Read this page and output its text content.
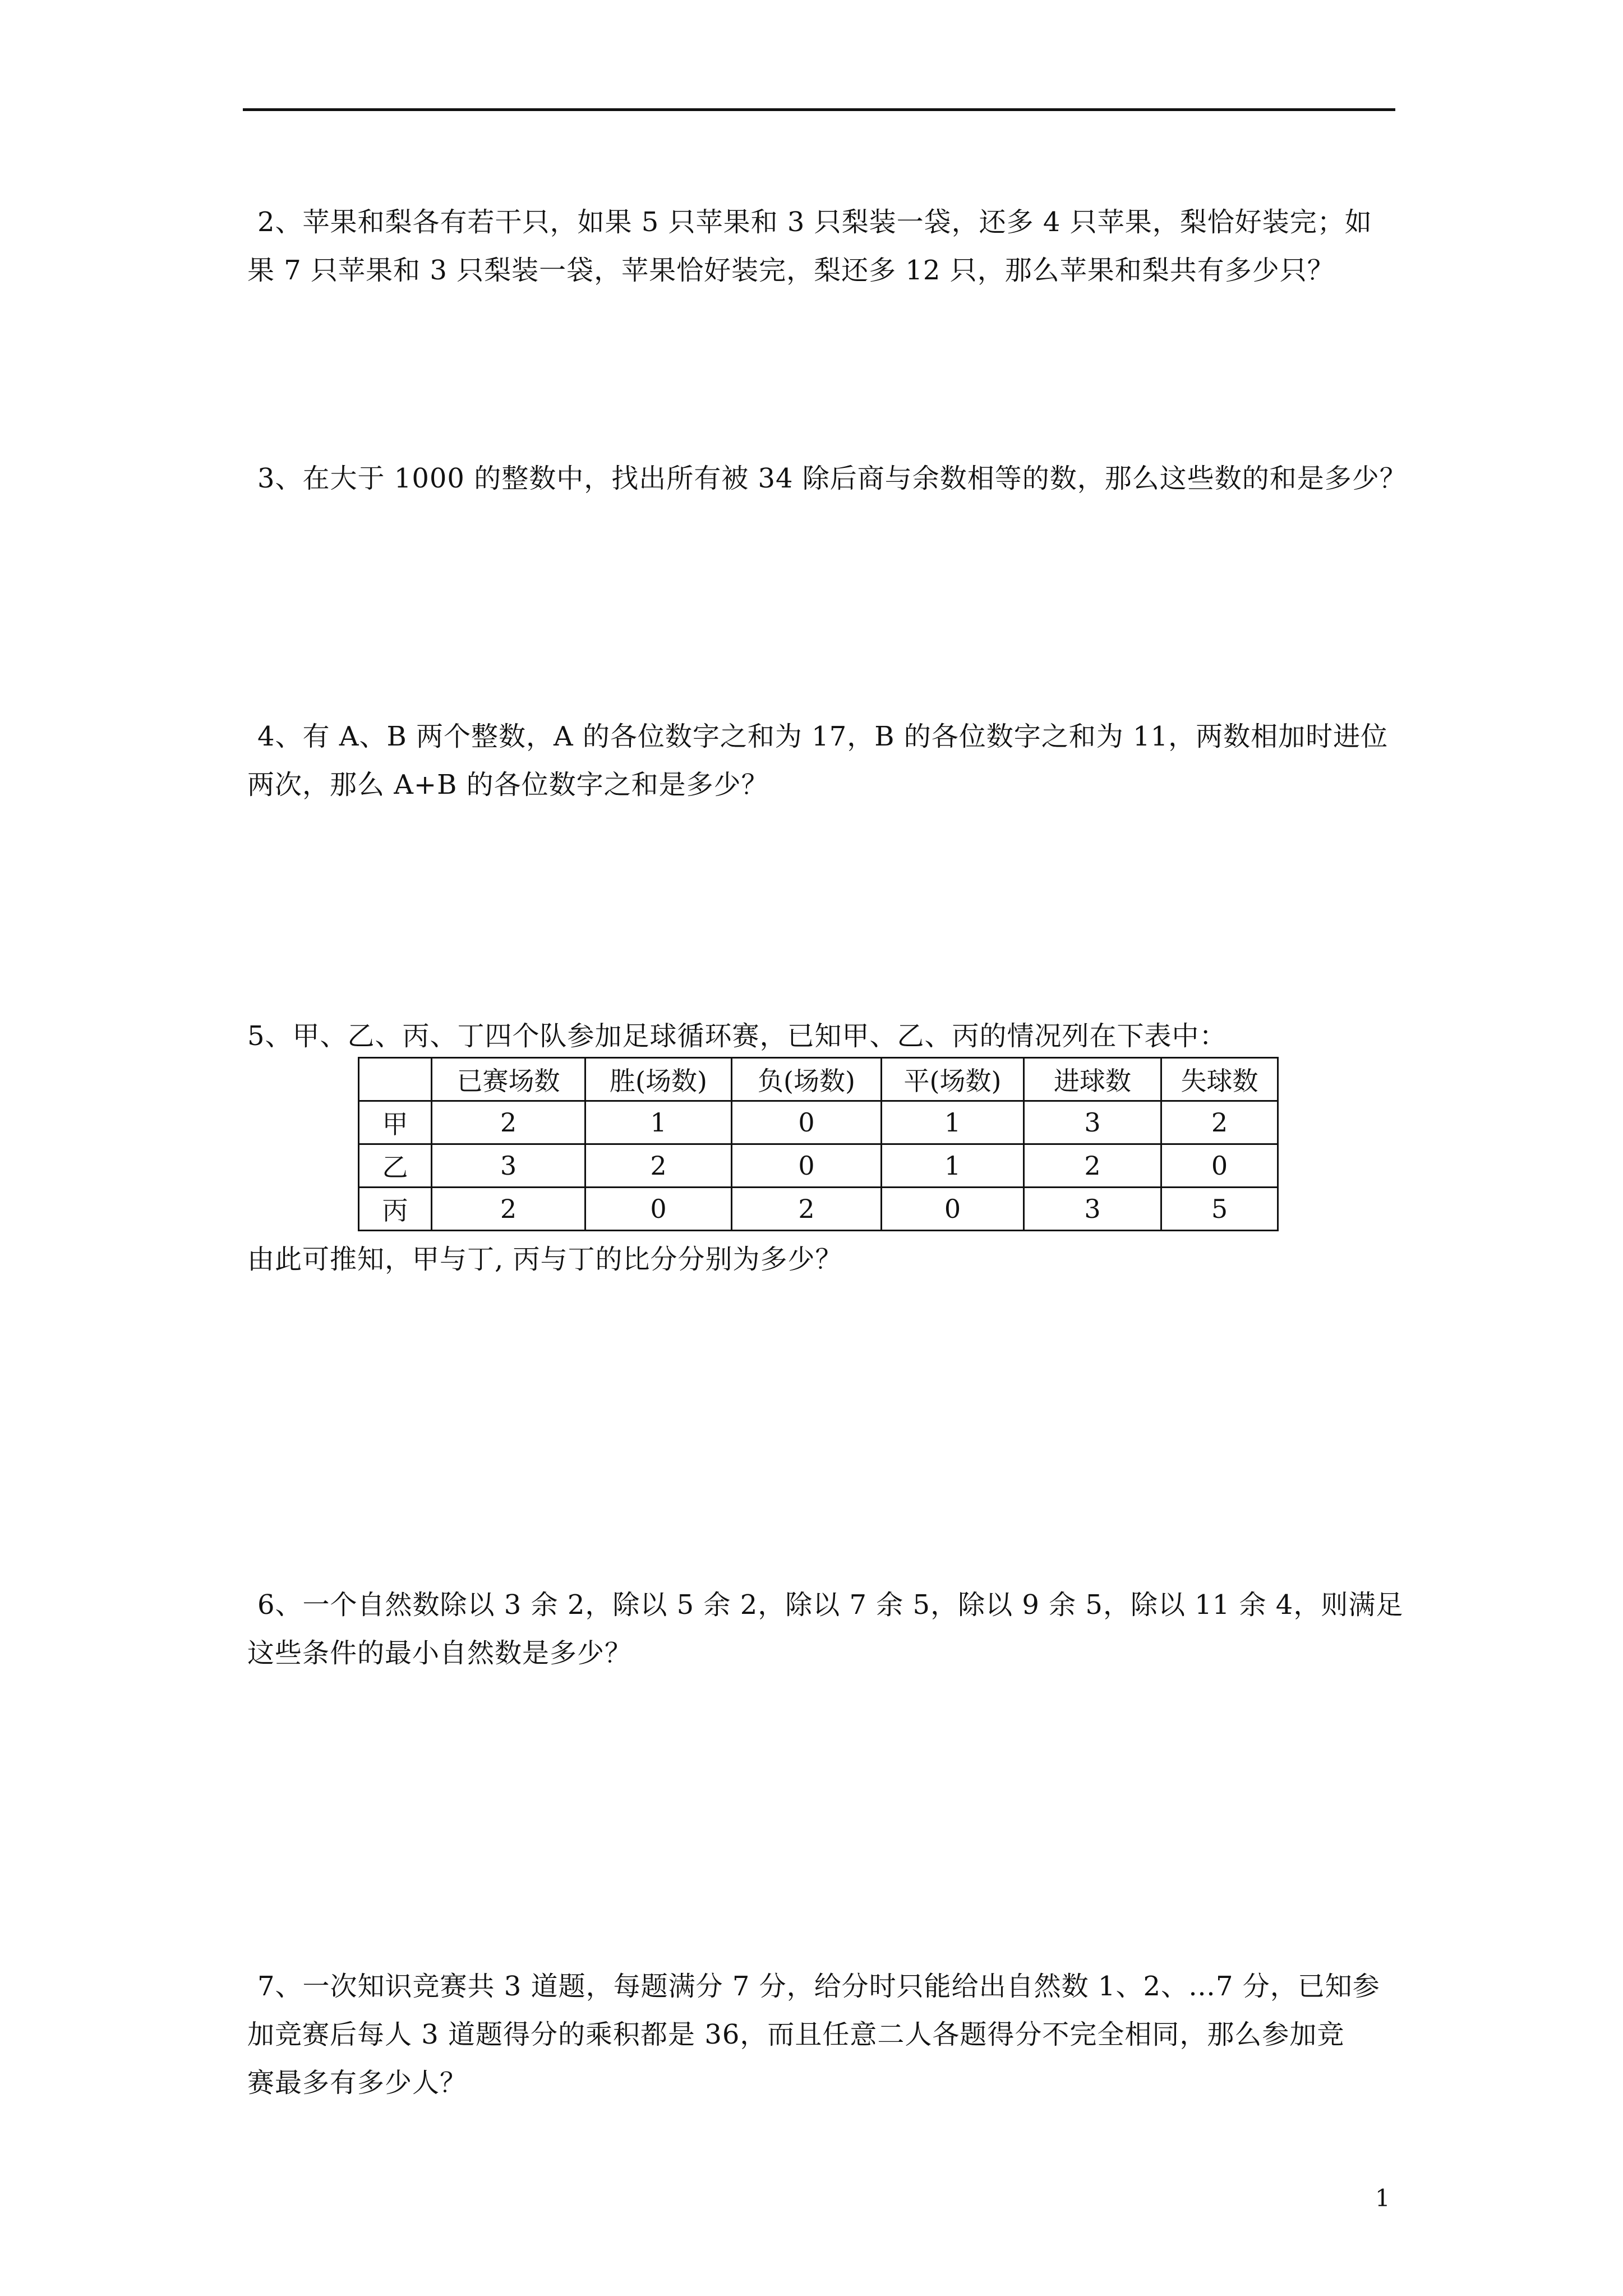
2、苹果和梨各有若干只，如果 5 只苹果和 3 只梨装一袋，还多 4 只苹果，梨恰好装完；如
果 7 只苹果和 3 只梨装一袋，苹果恰好装完，梨还多 12 只，那么苹果和梨共有多少只？
3、在大于 1000 的整数中，找出所有被 34 除后商与余数相等的数，那么这些数的和是多少？
4、有 A、B 两个整数，A 的各位数字之和为 17，B 的各位数字之和为 11，两数相加时进位
两次，那么 A+B 的各位数字之和是多少？
5、甲、乙、丙、丁四个队参加足球循环赛，已知甲、乙、丙的情况列在下表中：
	已赛场数	胜(场数)	负(场数)	平(场数)	进球数	失球数
甲	2	1	0	1	3	2
乙	3	2	0	1	2	0
丙	2	0	2	0	3	5
由此可推知，甲与丁, 丙与丁的比分分别为多少？
6、一个自然数除以 3 余 2，除以 5 余 2，除以 7 余 5，除以 9 余 5，除以 11 余 4，则满足
这些条件的最小自然数是多少？
7、一次知识竞赛共 3 道题，每题满分 7 分，给分时只能给出自然数 1、2、…7 分，已知参
加竞赛后每人 3 道题得分的乘积都是 36，而且任意二人各题得分不完全相同，那么参加竞
赛最多有多少人？
1
